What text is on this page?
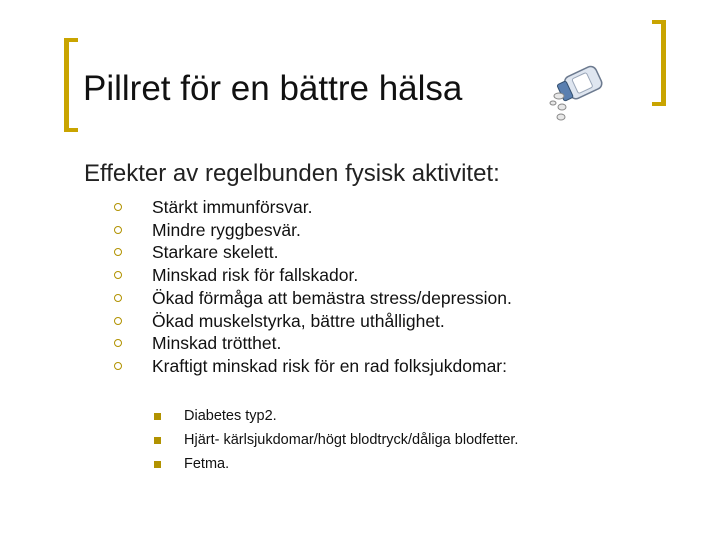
Pillret för en bättre hälsa
Effekter av regelbunden fysisk aktivitet:
Stärkt immunförsvar.
Mindre ryggbesvär.
Starkare skelett.
Minskad risk för fallskador.
Ökad förmåga att bemästra stress/depression.
Ökad muskelstyrka, bättre uthållighet.
Minskad trötthet.
Kraftigt minskad risk för en rad folksjukdomar:
Diabetes typ2.
Hjärt- kärlsjukdomar/högt blodtryck/dåliga blodfetter.
Fetma.
